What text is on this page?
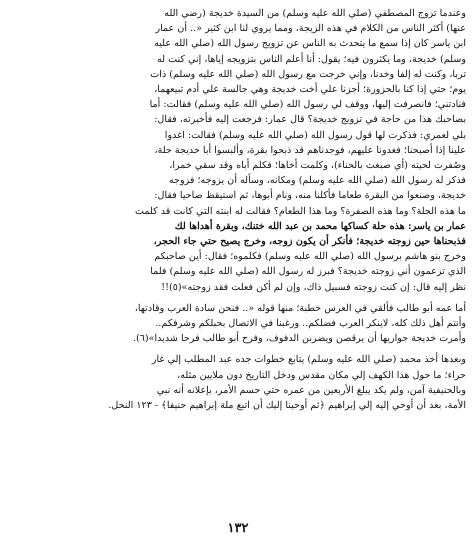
وعندما تزوج المصطفي (صلي الله عليه وسلم) من السيدة خديجة (رضي الله
عنها) أكثر الناس من الكلام في هذه الزيجة، ومما يروي لنا ابن كثير «.. أن عمار
ابن ياسر كان إذا سمع ما يتحدث به الناس عن تزويج رسول الله (صلي الله عليه
وسلم) خديجة، وما يكثرون فيه؛ يقول: أنا أعلم الناس بتزويجه إياها، إني كنت له
تربا، وكنت له إلفا وخدنا، وإني خرجت مع رسول الله (صلي الله عليه وسلم) ذات
يوم؛ حتي إذا كنا بالحزورة؛ أجزنا علي أخت خديجة وهي جالسة علي أدم تبيعهما،
فنادتني؛ فانصرفت إليها، ووقف لي رسول الله (صلي الله عليه وسلم) فقالت: أما
بصاحبك هذا من حاجة في تزويج خديجة؟ قال عمار: فرجعت إليه فأخبرته، فقال:
بلي لعمري: فذكرت لها قول رسول الله (صلي الله عليه وسلم) فقالت: اغدوا
علينا إذا أصبحنا؛ فغدونا عليهم، فوجدناهم قد ذبحوا بقرة، وألبسوا أبا خديجة حلة،
وصُفرت لحيته (أي صبغت بالحناء)، وكلمت أخاها؛ فكلم أباه وقد سقي خمرا،
فذكر له رسول الله (صلي الله عليه وسلم) ومكانه، وسأله أن يزوجه؛ فزوجه
خديجة، وصنعوا من البقرة طعاما فأكلنا منه، ونام أبوها، ثم استيقظ صاحيا فقال:
ما هذه الحلة؟ وما هذه الصفرة؟ وما هذا الطعام؟ فقالت له ابنته التي كانت قد كلمت
عمار بن ياسر: هذه حلة كساكها محمد بن عبد الله ختنك، وبقرة أهداها لك
فذبحناها حين زوجته خديجة؛ فأنكر أن يكون زوجه، وخرج يصيح حتي جاء الحجر،
وخرج بنو هاشم برسول الله (صلي الله عليه وسلم) فكلموه؛ فقال: أين صاحبكم
الذي تزعمون أني زوجته خديجة؟ فبرز له رسول الله (صلي الله عليه وسلم) فلما
نظر إليه قال: إن كنت زوجته فسبيل ذاك، وإن لم أكن فعلت فقد زوجته»(٥)!!
أما عمه أبو طالب فألقي في العرس خطبة؛ منها قوله «.. فنحن سادة العرب وقادتها،
وأنتم أهل ذلك كله، لاينكر العرب فضلكم.. ورغبنا في الاتصال بحبلكم وشرفكم..
وأمرت خديجة جواريها أن يرقصن ويضربن الدفوف، وفرح أبو طالب فرحا شديدا»(٦).
وبعدها أخذ محمد (صلي الله عليه وسلم) يتابع خطوات جده عبد المطلب إلي غار
حراء؛ ما حول هذا الكهف إلي مكان مقدس ودخل التاريخ دون ملايين مثله،
وبالحنيفية آمن، ولم يكد يبلغ الأربعين من عمره حتي حسم الأمر، بإعلانه أنه نبي
الأمة، بعد أن أوحي إليه إلي إبراهيم ﴿ثم أوحينا إليك أن اتبع ملة إبراهيم حنيفا﴾ - ١٢٣ النحل.
١٣٢
